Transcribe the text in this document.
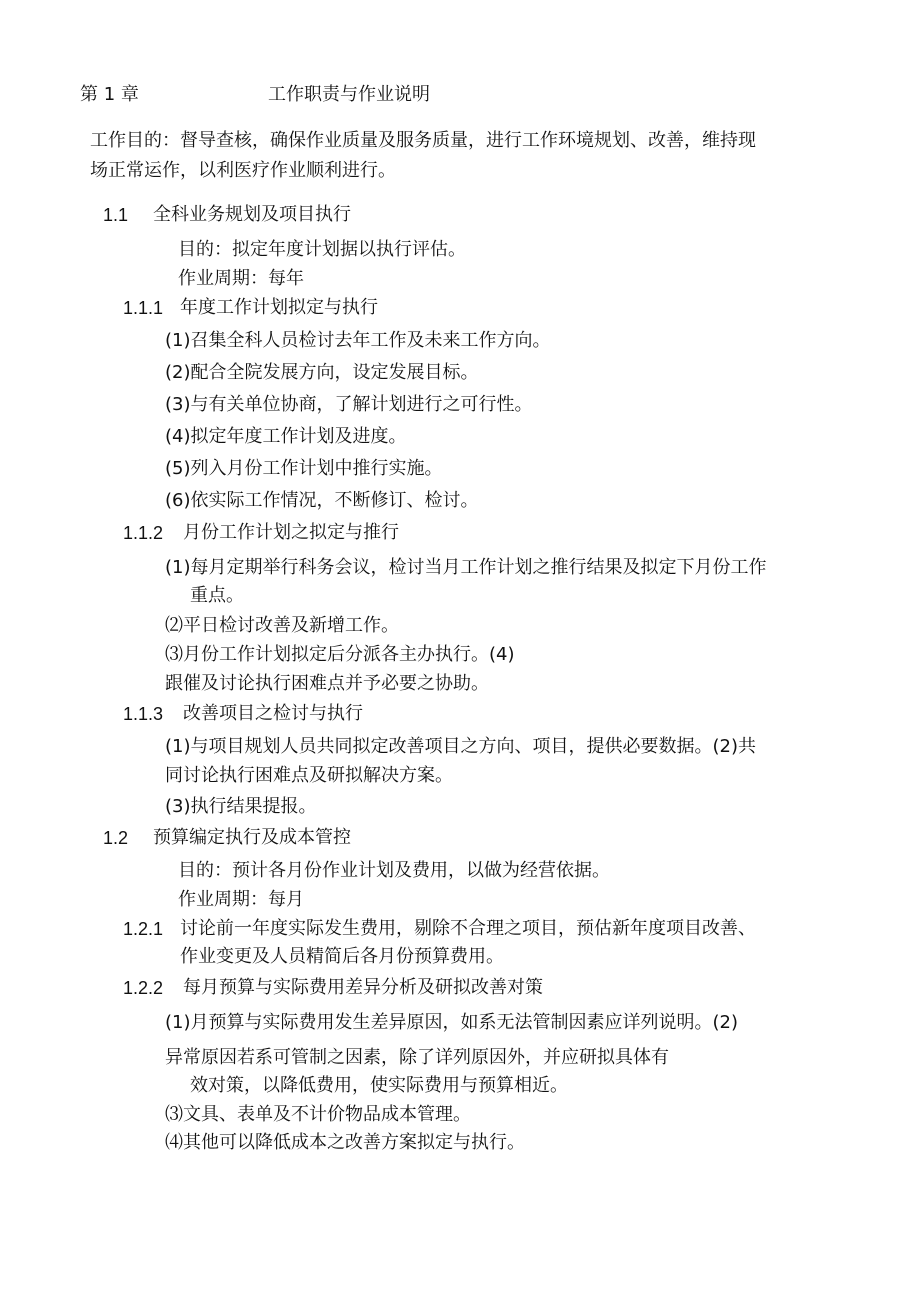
第 1 章	工作职责与作业说明
工作目的：督导查核，确保作业质量及服务质量，进行工作环境规划、改善，维持现
场正常运作，以利医疗作业顺利进行。
1.1 全科业务规划及项目执行
目的：拟定年度计划据以执行评估。
作业周期：每年
1.1.1 年度工作计划拟定与执行
(1)召集全科人员检讨去年工作及未来工作方向。
(2)配合全院发展方向，设定发展目标。
(3)与有关单位协商，了解计划进行之可行性。
(4)拟定年度工作计划及进度。
(5)列入月份工作计划中推行实施。
(6)依实际工作情况，不断修订、检讨。
1.1.2 月份工作计划之拟定与推行
(1)每月定期举行科务会议，检讨当月工作计划之推行结果及拟定下月份工作
重点。
⑵平日检讨改善及新增工作。
⑶月份工作计划拟定后分派各主办执行。(4)
跟催及讨论执行困难点并予必要之协助。
1.1.3 改善项目之检讨与执行
(1)与项目规划人员共同拟定改善项目之方向、项目，提供必要数据。(2)共
同讨论执行困难点及研拟解决方案。
(3)执行结果提报。
1.2 预算编定执行及成本管控
目的：预计各月份作业计划及费用，以做为经营依据。
作业周期：每月
1.2.1 讨论前一年度实际发生费用，剔除不合理之项目，预估新年度项目改善、
作业变更及人员精简后各月份预算费用。
1.2.2 每月预算与实际费用差异分析及研拟改善对策
(1)月预算与实际费用发生差异原因，如系无法管制因素应详列说明。(2)
异常原因若系可管制之因素，除了详列原因外，并应研拟具体有
效对策，以降低费用，使实际费用与预算相近。
⑶文具、表单及不计价物品成本管理。
⑷其他可以降低成本之改善方案拟定与执行。
